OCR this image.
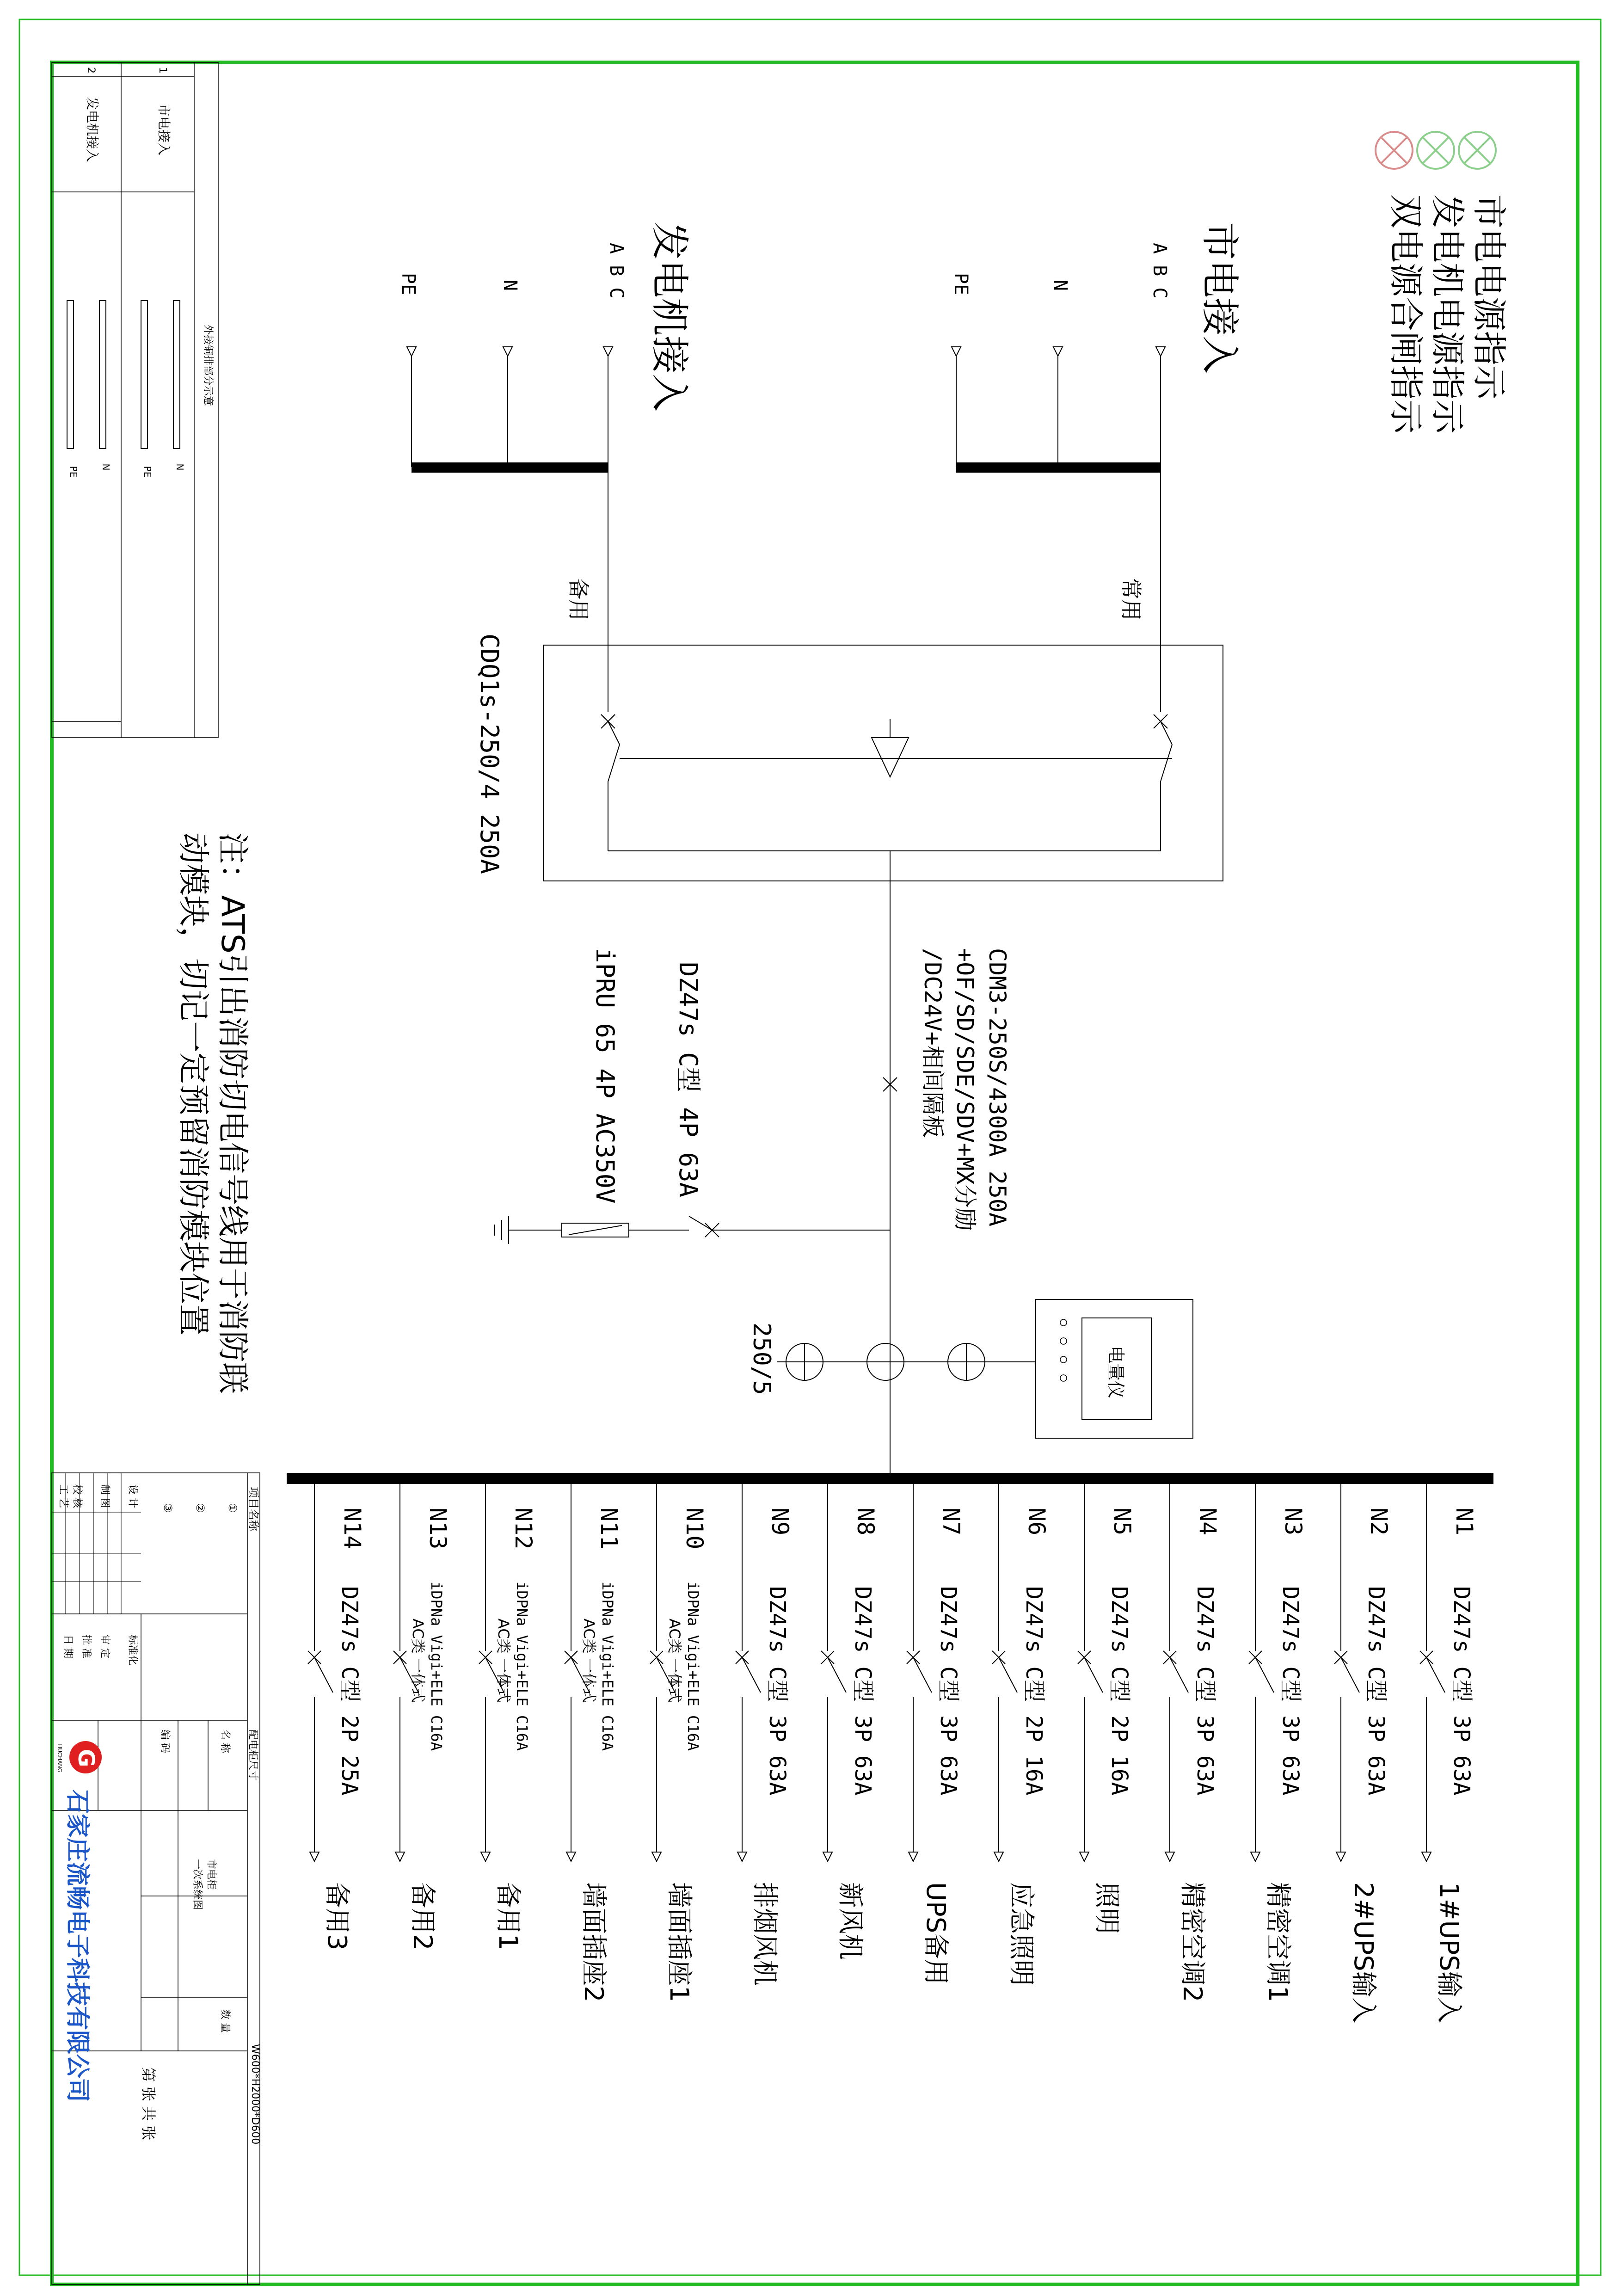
1
市电接入
2
发电机接入
外接铜排部分示意
N
PE
N
PE
市电电源指示
发电机电源指示
双电源合闸指示
市电接入
A B C
N
PE
常用
发电机接入
A B C
N
PE
备用
CDQ1s-250/4 250A
CDM3-250S/4300A 250A
+OF/SD/SDE/SDV+MX分励
/DC24V+相间隔板
DZ47s C型 4P 63A
iPRU 65 4P AC350V
电量仪
250/5
注：ATS引出消防切电信号线用于消防联
动模块，切记一定预留消防模块位置
N1
DZ47s C型 3P 63A
1#UPS输入
N2
DZ47s C型 3P 63A
2#UPS输入
N3
DZ47s C型 3P 63A
精密空调1
N4
DZ47s C型 3P 63A
精密空调2
N5
DZ47s C型 2P 16A
照明
N6
DZ47s C型 2P 16A
应急照明
N7
DZ47s C型 3P 63A
UPS备用
N8
DZ47s C型 3P 63A
新风机
N9
DZ47s C型 3P 63A
排烟风机
N10
iDPNa Vigi+ELE C16A
AC类 一体式
墙面插座1
N11
iDPNa Vigi+ELE C16A
AC类 一体式
墙面插座2
N12
iDPNa Vigi+ELE C16A
AC类 一体式
备用1
N13
iDPNa Vigi+ELE C16A
AC类 一体式
备用2
N14
DZ47s C型 2P 25A
备用3
项目名称
①
②
③
设 计
制 图
校 核
工 艺
标准化
审 定
批 准
日 期
配电柜尺寸
W600*H2000*D600
名 称
市电柜
一次系统图
编 码
数 量
第 张 共 张
G
LIUCHANG
石家庄流畅电子科技有限公司
